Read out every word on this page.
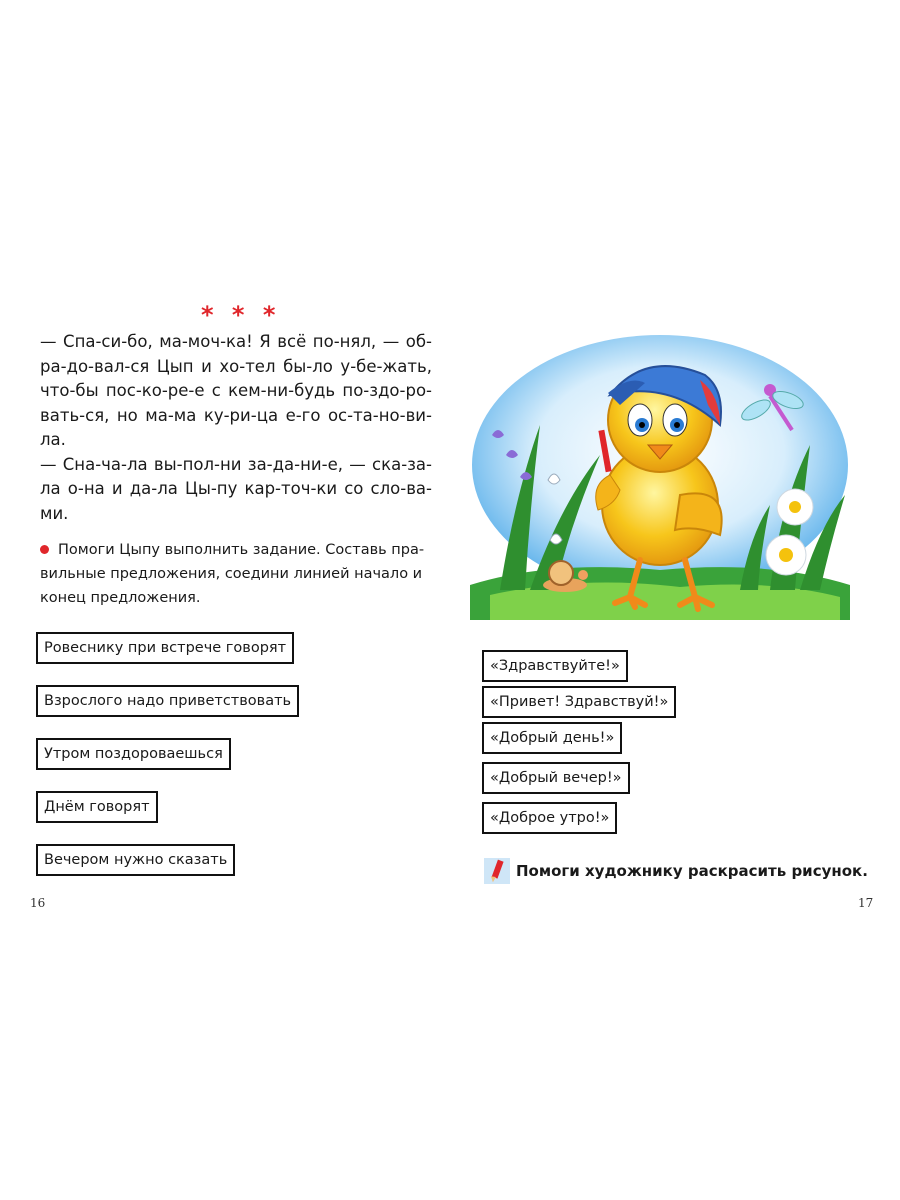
* * *

— Спа-си-бо, ма-моч-ка! Я всё по-нял, — об-ра-до-вал-ся Цып и хо-тел бы-ло у-бе-жать, что-бы пос-ко-ре-е с кем-ни-будь по-здо-ро-вать-ся, но ма-ма ку-ри-ца е-го ос-та-но-ви-ла.

— Сна-ча-ла вы-пол-ни за-да-ни-е, — ска-за-ла о-на и да-ла Цы-пу кар-точ-ки со сло-ва-ми.

Помоги Цыпу выполнить задание. Составь пра-вильные предложения, соедини линией начало и конец предложения.
Ровеснику при встрече говорят
Взрослого надо приветствовать
Утром поздороваешься
Днём говорят
Вечером нужно сказать
16
«Здравствуйте!»
«Привет! Здравствуй!»
«Добрый день!»
«Добрый вечер!»
«Доброе утро!»
Помоги художнику раскрасить рисунок.
17
